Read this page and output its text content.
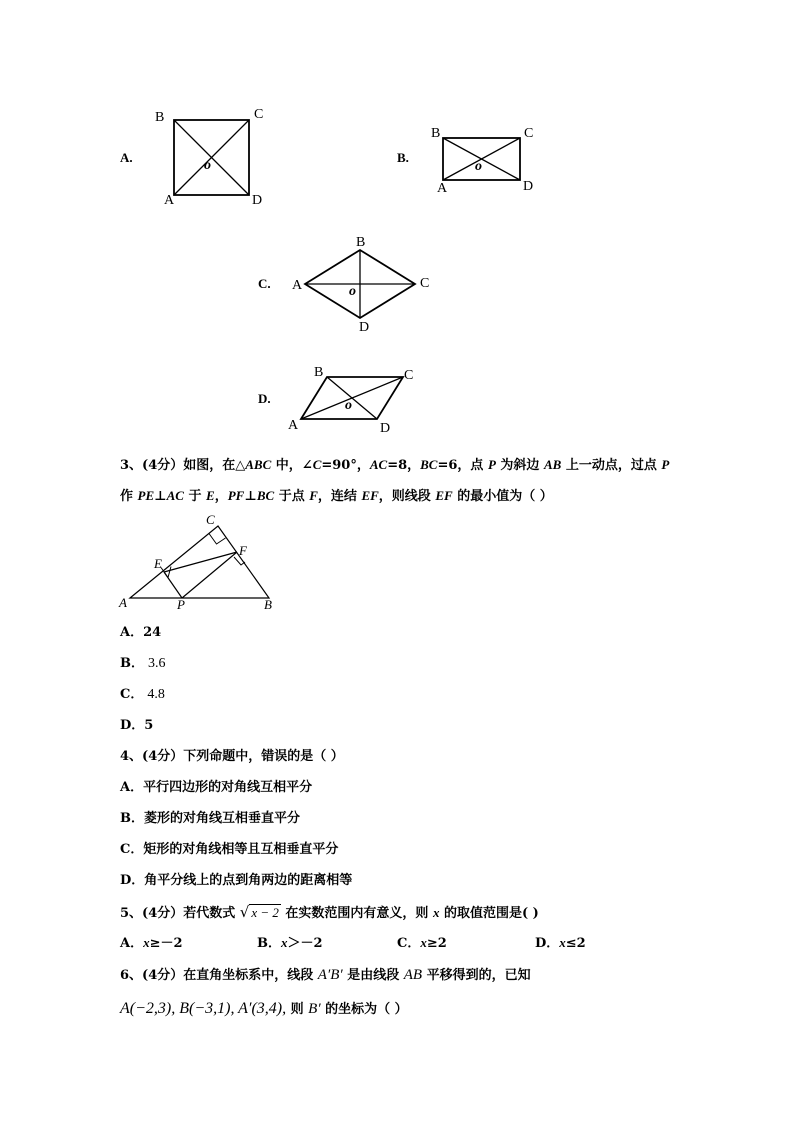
A.
B	C
A	D
o
B.
B	C
A	D
o
C.
B
A	C
D
o
D.
B	C
A	D
o
3、(4分）如图，在△ABC 中，∠C=90°，AC=8，BC=6，点 P 为斜边 AB 上一动点，过点 P
作 PE⊥AC 于 E，PF⊥BC 于点 F，连结 EF，则线段 EF 的最小值为（ ）
C
F
E
A	P	B
A．24
B． 3.6
C． 4.8
D．5
4、(4分）下列命题中，错误的是（ ）
A．平行四边形的对角线互相平分
B．菱形的对角线互相垂直平分
C．矩形的对角线相等且互相垂直平分
D．角平分线上的点到角两边的距离相等
5、(4分）若代数式 √ x − 2 在实数范围内有意义，则 x 的取值范围是( )
A．x≥－2	B．x＞－2	C．x≥2	D．x≤2
6、(4分）在直角坐标系中，线段 A′B′ 是由线段 AB 平移得到的，已知
A(−2,3), B(−3,1), A′(3,4), 则 B′ 的坐标为（ ）
